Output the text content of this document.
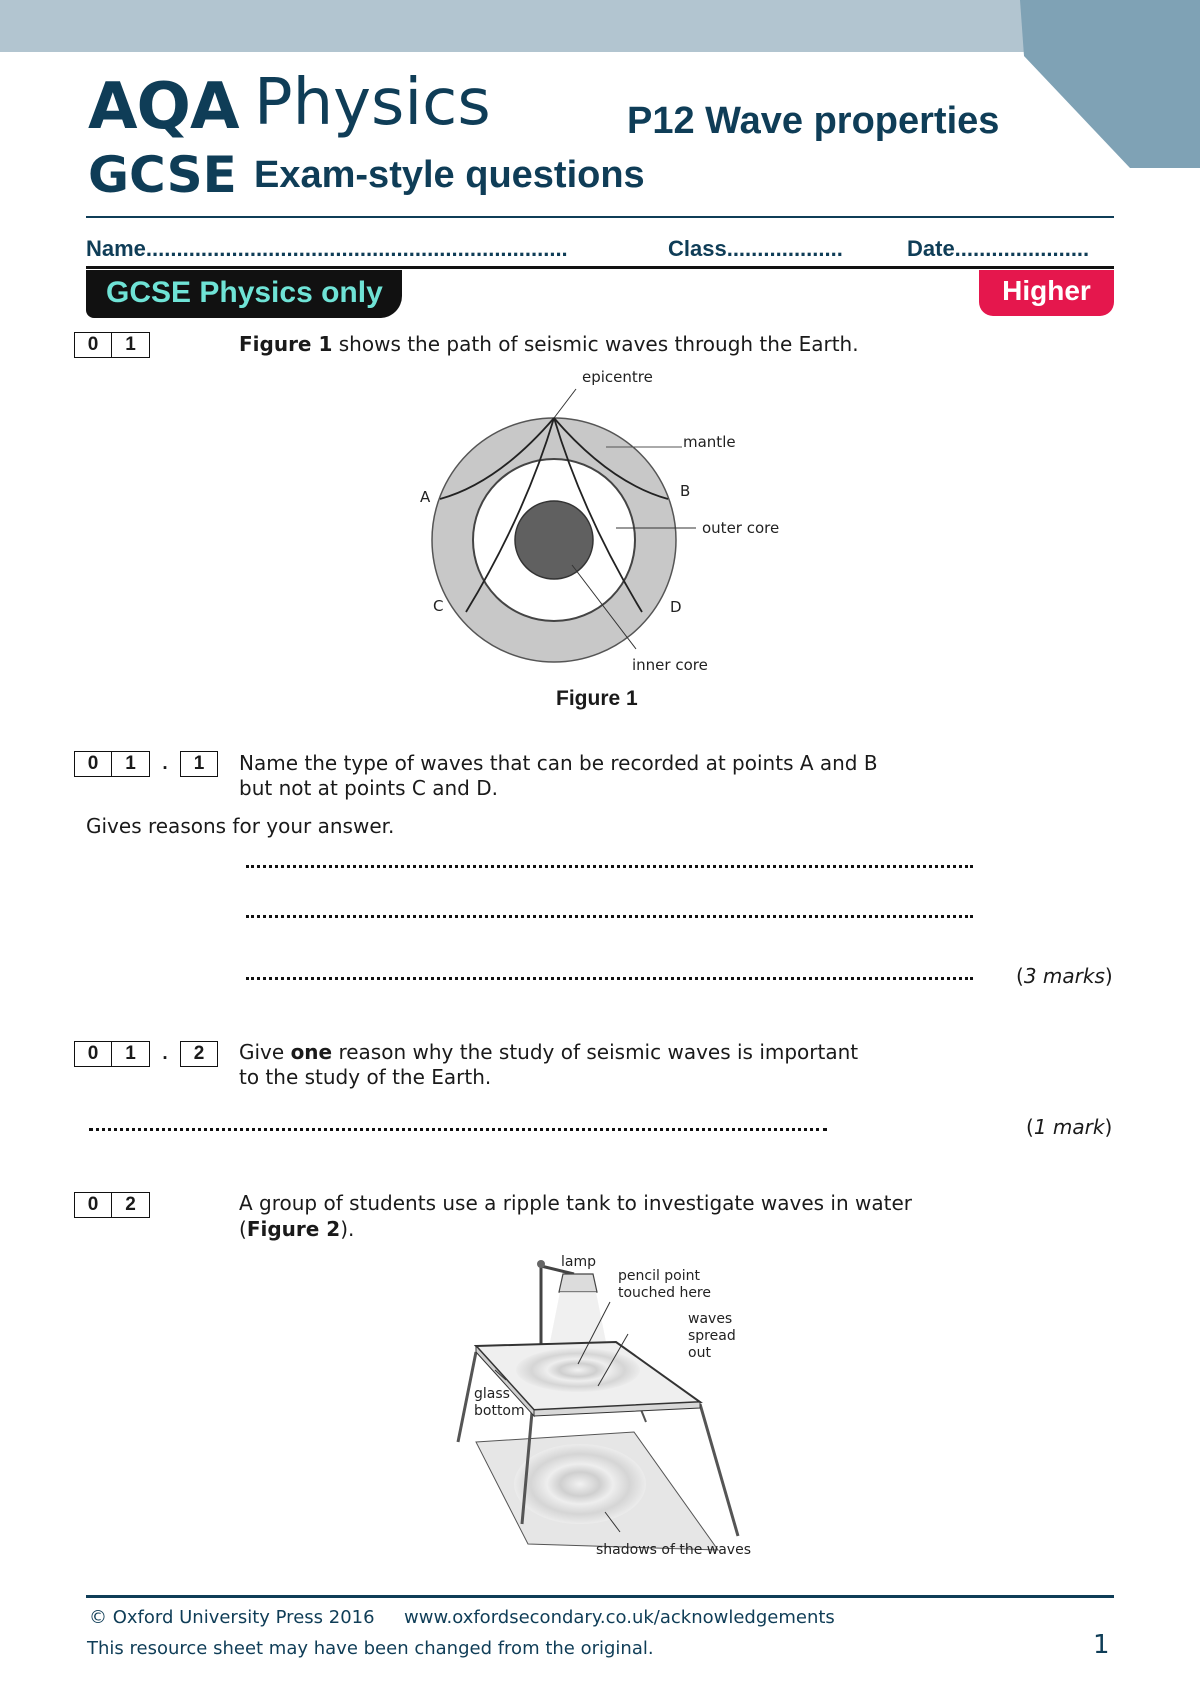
AQA Physics
GCSE Exam-style questions
P12 Wave properties
Name.....................................................................	Class...................	Date......................
GCSE Physics only	Higher
0	1	Figure 1 shows the path of seismic waves through the Earth.
epicentre
mantle
outer core
inner core
A	B
C	D
Figure 1
0	1	.	1	Name the type of waves that can be recorded at points A and B but not at points C and D.
Gives reasons for your answer.
(3 marks)
0	1	.	2	Give one reason why the study of seismic waves is important to the study of the Earth.
(1 mark)
0	2	A group of students use a ripple tank to investigate waves in water
(Figure 2).
lamp
pencil point
touched here
waves
spread
out
glass
bottom
shadows of the waves
© Oxford University Press 2016 www.oxfordsecondary.co.uk/acknowledgements
This resource sheet may have been changed from the original.	1
